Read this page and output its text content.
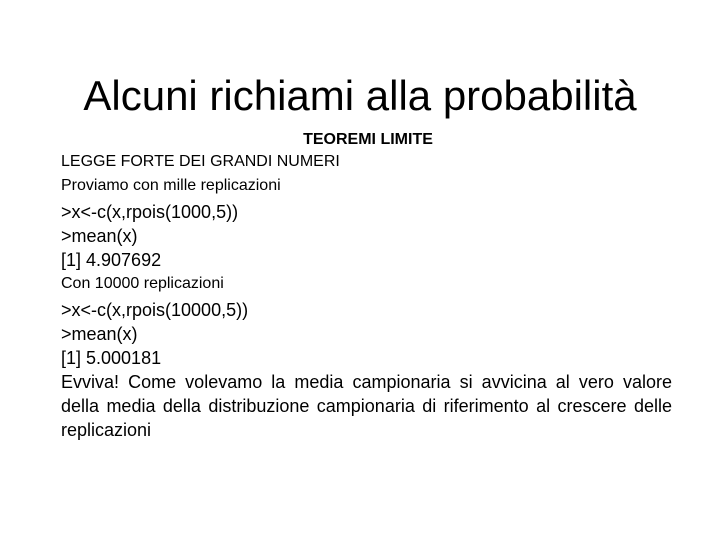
Alcuni richiami alla probabilità
TEOREMI LIMITE

LEGGE FORTE DEI GRANDI NUMERI

Proviamo con mille replicazioni

>x<-c(x,rpois(1000,5))

>mean(x)

[1] 4.907692

Con 10000 replicazioni

>x<-c(x,rpois(10000,5))

>mean(x)

[1] 5.000181

Evviva! Come volevamo la media campionaria si avvicina al vero valore della media della distribuzione campionaria di riferimento al crescere delle replicazioni
